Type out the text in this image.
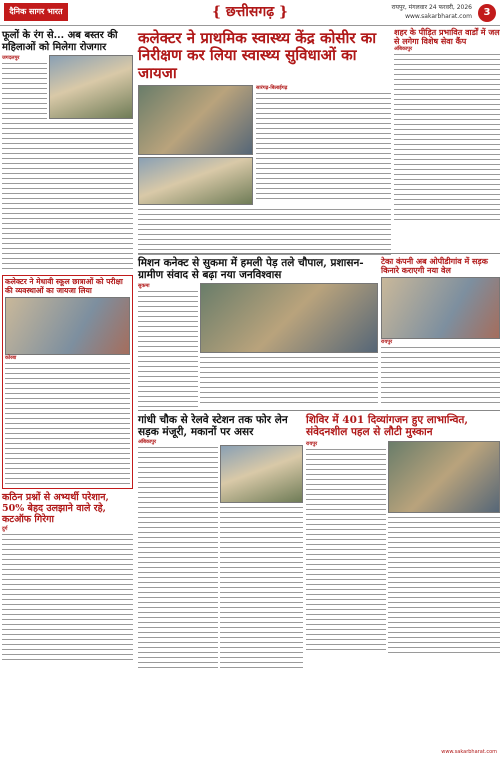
दैनिक सागर भारत	{ छत्तीसगढ़ }	रायपुर, मंगलवार 24 फरवरी, 2026
www.sakarbharat.com	3
फूलों के रंग से... अब बस्तर की महिलाओं को मिलेगा रोजगार
जगदलपुर
कलेक्टर ने मेधावी स्कूल छात्राओं को परीक्षा की व्यवस्थाओं का जायजा लिया
कोरबा
कठिन प्रश्नों से अभ्यर्थी परेशान, 50% बेहद उलझाने वाले रहे, कटऑफ गिरेगा
दुर्ग
कलेक्टर ने प्राथमिक स्वास्थ्य केंद्र कोसीर का निरीक्षण कर लिया स्वास्थ्य सुविधाओं का जायजा
सारंगढ़-बिलाईगढ़
शहर के पीड़ित प्रभावित वार्डों में जल से लगेगा विशेष सेवा कैंप
अंबिकापुर
मिशन कनेक्ट से सुकमा में हमली पेड़ तले चौपाल, प्रशासन-ग्रामीण संवाद से बढ़ा नया जनविश्वास
सुकमा
टेका कंपनी अब ओपीडीगांव में सड़क किनारे कराएगी नया वेल
रायपुर
गांधी चौक से रेलवे स्टेशन तक फोर लेन सड़क मंजूरी, मकानों पर असर
अंबिकापुर
शिविर में 401 दिव्यांगजन हुए लाभान्वित, संवेदनशील पहल से लौटी मुस्कान
रायपुर
www.sakarbharat.com
